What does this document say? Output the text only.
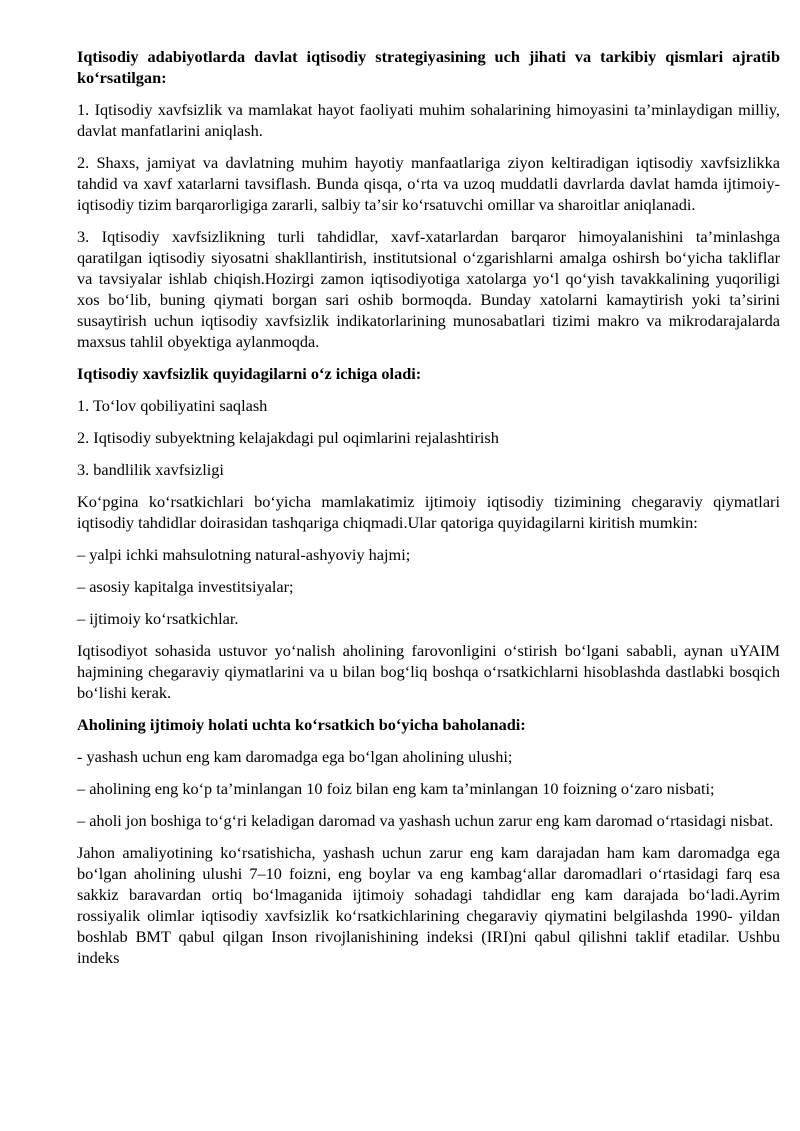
Iqtisodiy adabiyotlarda davlat iqtisodiy strategiyasining uch jihati va tarkibiy qismlari ajratib koʻrsatilgan:

1. Iqtisodiy xavfsizlik va mamlakat hayot faoliyati muhim sohalarining himoyasini taʼminlaydigan milliy, davlat manfatlarini aniqlash.

2. Shaxs, jamiyat va davlatning muhim hayotiy manfaatlariga ziyon keltiradigan iqtisodiy xavfsizlikka tahdid va xavf xatarlarni tavsiflash. Bunda qisqa, oʻrta va uzoq muddatli davrlarda davlat hamda ijtimoiy- iqtisodiy tizim barqarorligiga zararli, salbiy taʼsir koʻrsatuvchi omillar va sharoitlar aniqlanadi.

3. Iqtisodiy xavfsizlikning turli tahdidlar, xavf-xatarlardan barqaror himoyalanishini taʼminlashga qaratilgan iqtisodiy siyosatni shakllantirish, institutsional oʻzgarishlarni amalga oshirsh boʻyicha takliflar va tavsiyalar ishlab chiqish.Hozirgi zamon iqtisodiyotiga xatolarga yoʻl qoʻyish tavakkalining yuqoriligi xos boʻlib, buning qiymati borgan sari oshib bormoqda. Bunday xatolarni kamaytirish yoki taʼsirini susaytirish uchun iqtisodiy xavfsizlik indikatorlarining munosabatlari tizimi makro va mikrodarajalarda maxsus tahlil obyektiga aylanmoqda.

Iqtisodiy xavfsizlik quyidagilarni oʻz ichiga oladi:

1. Toʻlov qobiliyatini saqlash

2. Iqtisodiy subyektning kelajakdagi pul oqimlarini rejalashtirish

3. bandlilik xavfsizligi

Koʻpgina koʻrsatkichlari boʻyicha mamlakatimiz ijtimoiy iqtisodiy tizimining chegaraviy qiymatlari iqtisodiy tahdidlar doirasidan tashqariga chiqmadi.Ular qatoriga quyidagilarni kiritish mumkin:

– yalpi ichki mahsulotning natural-ashyoviy hajmi;

– asosiy kapitalga investitsiyalar;

– ijtimoiy koʻrsatkichlar.

Iqtisodiyot sohasida ustuvor yoʻnalish aholining farovonligini oʻstirish boʻlgani sababli, aynan uYAIM hajmining chegaraviy qiymatlarini va u bilan bogʻliq boshqa oʻrsatkichlarni hisoblashda dastlabki bosqich boʻlishi kerak.

Aholining ijtimoiy holati uchta koʻrsatkich boʻyicha baholanadi:

- yashash uchun eng kam daromadga ega boʻlgan aholining ulushi;

– aholining eng koʻp taʼminlangan 10 foiz bilan eng kam taʼminlangan 10 foizning oʻzaro nisbati;

– aholi jon boshiga toʻgʻri keladigan daromad va yashash uchun zarur eng kam daromad oʻrtasidagi nisbat.

Jahon amaliyotining koʻrsatishicha, yashash uchun zarur eng kam darajadan ham kam daromadga ega boʻlgan aholining ulushi 7–10 foizni, eng boylar va eng kambagʻallar daromadlari oʻrtasidagi farq esa sakkiz baravardan ortiq boʻlmaganida ijtimoiy sohadagi tahdidlar eng kam darajada boʻladi.Ayrim rossiyalik olimlar iqtisodiy xavfsizlik koʻrsatkichlarining chegaraviy qiymatini belgilashda 1990- yildan boshlab BMT qabul qilgan Inson rivojlanishining indeksi (IRI)ni qabul qilishni taklif etadilar. Ushbu indeks
